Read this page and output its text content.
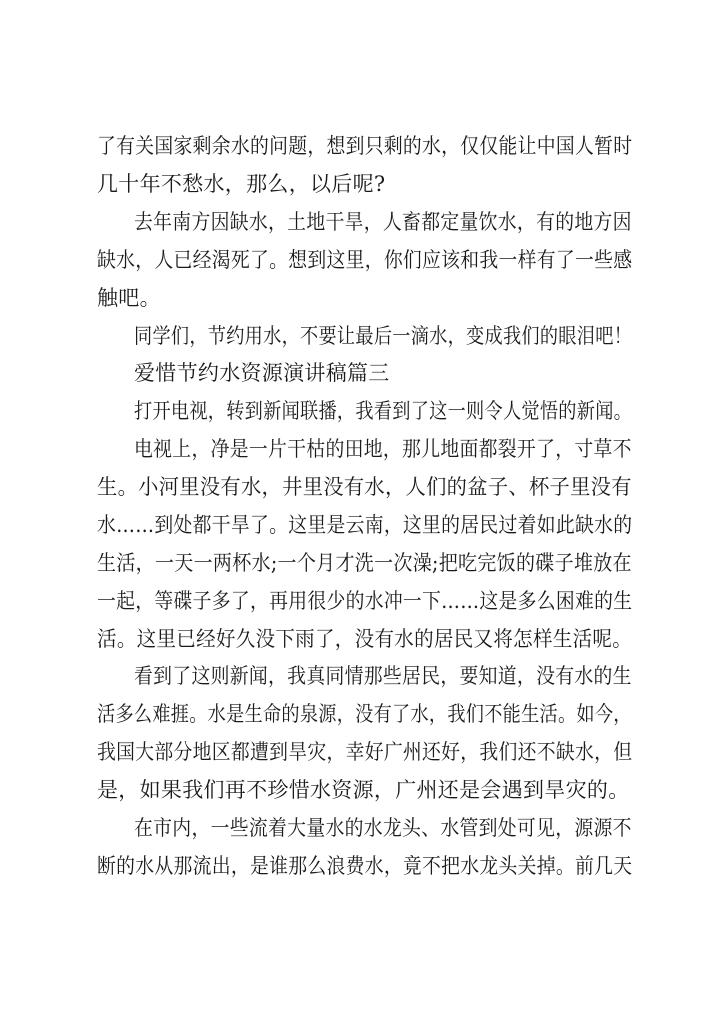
了有关国家剩余水的问题，想到只剩的水，仅仅能让中国人暂时

几十年不愁水，那么，以后呢?

去年南方因缺水，土地干旱，人畜都定量饮水，有的地方因

缺水，人已经渴死了。想到这里，你们应该和我一样有了一些感

触吧。

同学们，节约用水，不要让最后一滴水，变成我们的眼泪吧！

爱惜节约水资源演讲稿篇三

打开电视，转到新闻联播，我看到了这一则令人觉悟的新闻。

电视上，净是一片干枯的田地，那儿地面都裂开了，寸草不

生。小河里没有水，井里没有水，人们的盆子、杯子里没有

水……到处都干旱了。这里是云南，这里的居民过着如此缺水的

生活，一天一两杯水;一个月才洗一次澡;把吃完饭的碟子堆放在

一起，等碟子多了，再用很少的水冲一下……这是多么困难的生

活。这里已经好久没下雨了，没有水的居民又将怎样生活呢。

看到了这则新闻，我真同情那些居民，要知道，没有水的生

活多么难捱。水是生命的泉源，没有了水，我们不能生活。如今，

我国大部分地区都遭到旱灾，幸好广州还好，我们还不缺水，但

是，如果我们再不珍惜水资源，广州还是会遇到旱灾的。

在市内，一些流着大量水的水龙头、水管到处可见，源源不

断的水从那流出，是谁那么浪费水，竟不把水龙头关掉。前几天
